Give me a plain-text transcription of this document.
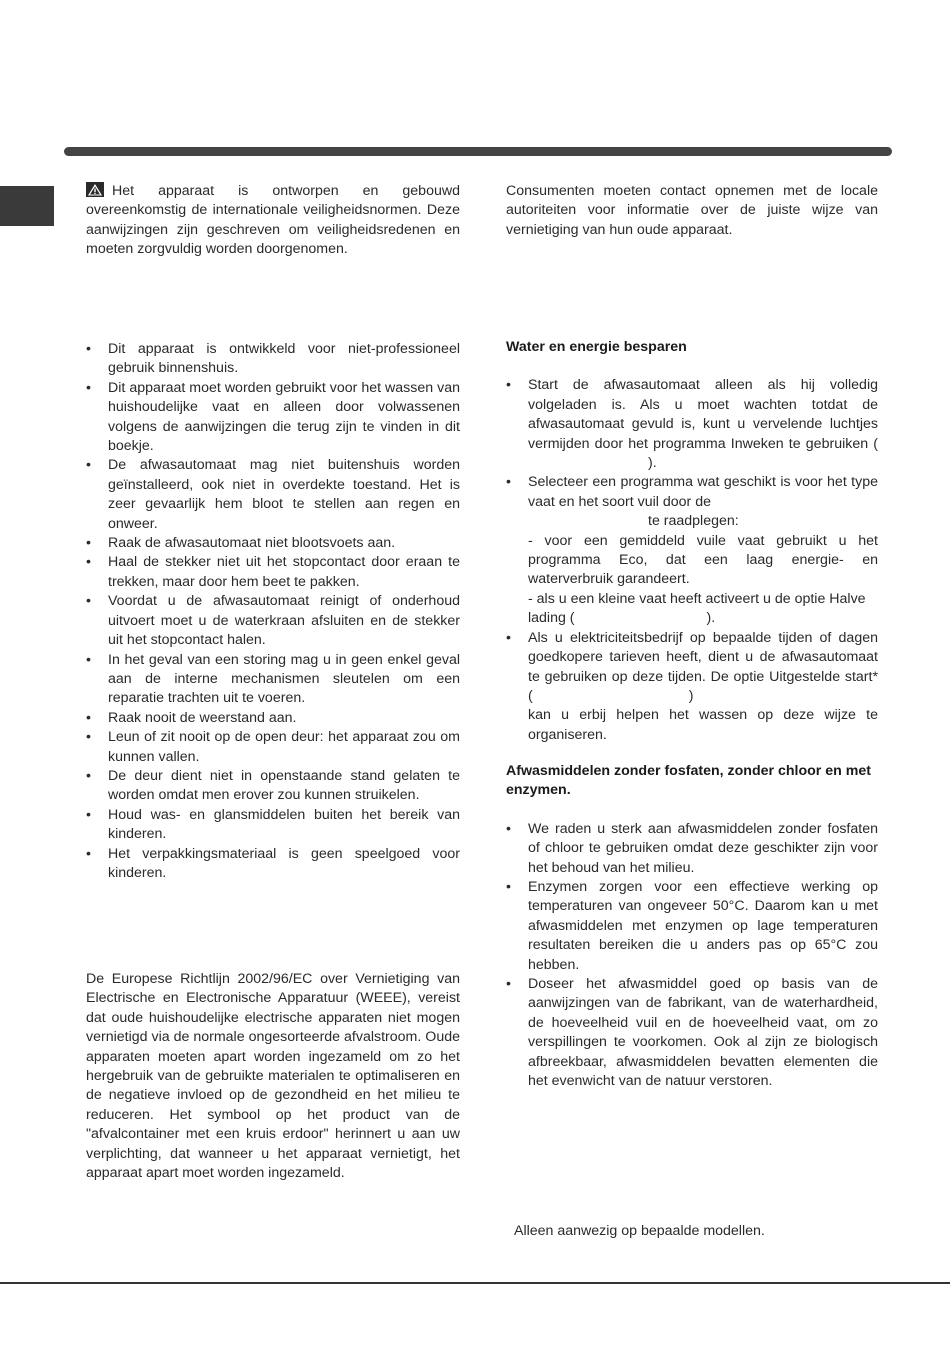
Het apparaat is ontworpen en gebouwd overeenkomstig de internationale veiligheidsnormen. Deze aanwijzingen zijn geschreven om veiligheidsredenen en moeten zorgvuldig worden doorgenomen.

Consumenten moeten contact opnemen met de locale autoriteiten voor informatie over de juiste wijze van vernietiging van hun oude apparaat.

• Dit apparaat is ontwikkeld voor niet-professioneel gebruik binnenshuis.
• Dit apparaat moet worden gebruikt voor het wassen van huishoudelijke vaat en alleen door volwassenen volgens de aanwijzingen die terug zijn te vinden in dit boekje.
• De afwasautomaat mag niet buitenshuis worden geïnstalleerd, ook niet in overdekte toestand. Het is zeer gevaarlijk hem bloot te stellen aan regen en onweer.
• Raak de afwasautomaat niet blootsvoets aan.
• Haal de stekker niet uit het stopcontact door eraan te trekken, maar door hem beet te pakken.
• Voordat u de afwasautomaat reinigt of onderhoud uitvoert moet u de waterkraan afsluiten en de stekker uit het stopcontact halen.
• In het geval van een storing mag u in geen enkel geval aan de interne mechanismen sleutelen om een reparatie trachten uit te voeren.
• Raak nooit de weerstand aan.
• Leun of zit nooit op de open deur: het apparaat zou om kunnen vallen.
• De deur dient niet in openstaande stand gelaten te worden omdat men erover zou kunnen struikelen.
• Houd was- en glansmiddelen buiten het bereik van kinderen.
• Het verpakkingsmateriaal is geen speelgoed voor kinderen.

De Europese Richtlijn 2002/96/EC over Vernietiging van Electrische en Electronische Apparatuur (WEEE), vereist dat oude huishoudelijke electrische apparaten niet mogen vernietigd via de normale ongesorteerde afvalstroom. Oude apparaten moeten apart worden ingezameld om zo het hergebruik van de gebruikte materialen te optimaliseren en de negatieve invloed op de gezondheid en het milieu te reduceren. Het symbool op het product van de "afvalcontainer met een kruis erdoor" herinnert u aan uw verplichting, dat wanneer u het apparaat vernietigt, het apparaat apart moet worden ingezameld.

Water en energie besparen

• Start de afwasautomaat alleen als hij volledig volgeladen is. Als u moet wachten totdat de afwasautomaat gevuld is, kunt u vervelende luchtjes vermijden door het programma Inweken te gebruiken ().
• Selecteer een programma wat geschikt is voor het type vaat en het soort vuil door de
te raadplegen:
- voor een gemiddeld vuile vaat gebruikt u het programma Eco, dat een laag energie- en waterverbruik garandeert.
- als u een kleine vaat heeft activeert u de optie Halve lading (	).
• Als u elektriciteitsbedrijf op bepaalde tijden of dagen goedkopere tarieven heeft, dient u de afwasautomaat te gebruiken op deze tijden. De optie Uitgestelde start* (	)
kan u erbij helpen het wassen op deze wijze te organiseren.

Afwasmiddelen zonder fosfaten, zonder chloor en met enzymen.

• We raden u sterk aan afwasmiddelen zonder fosfaten of chloor te gebruiken omdat deze geschikter zijn voor het behoud van het milieu.
• Enzymen zorgen voor een effectieve werking op temperaturen van ongeveer 50°C. Daarom kan u met afwasmiddelen met enzymen op lage temperaturen resultaten bereiken die u anders pas op 65°C zou hebben.
• Doseer het afwasmiddel goed op basis van de aanwijzingen van de fabrikant, van de waterhardheid, de hoeveelheid vuil en de hoeveelheid vaat, om zo verspillingen te voorkomen. Ook al zijn ze biologisch afbreekbaar, afwasmiddelen bevatten elementen die het evenwicht van de natuur verstoren.

Alleen aanwezig op bepaalde modellen.
